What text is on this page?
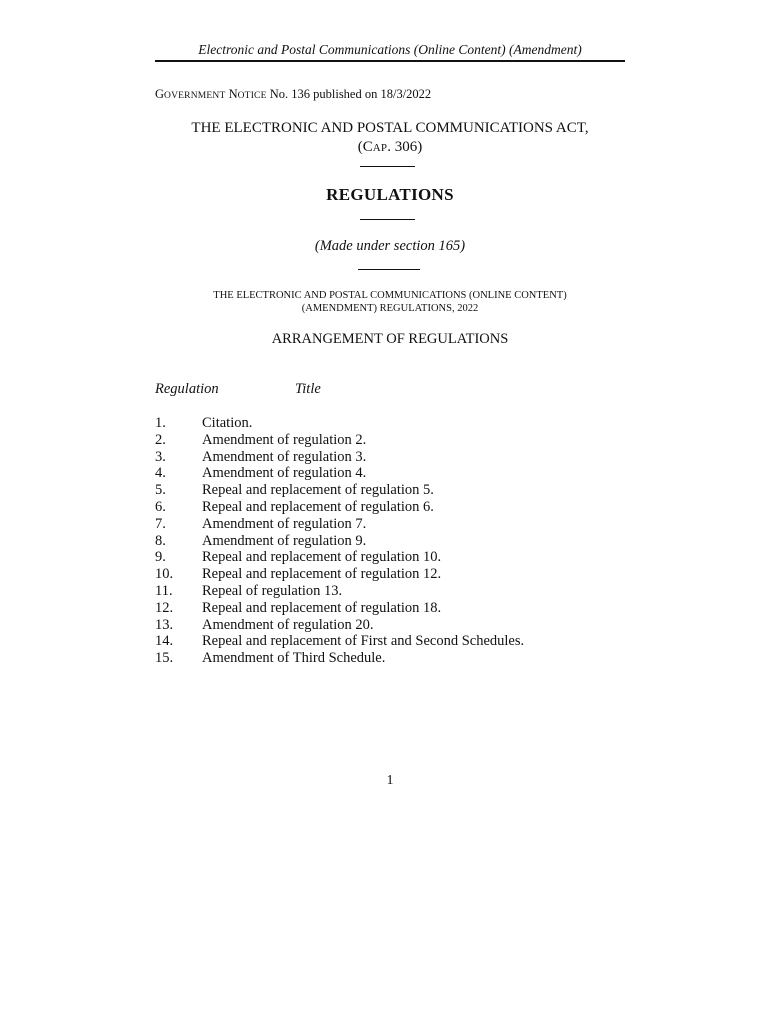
Electronic and Postal Communications (Online Content) (Amendment)
GOVERNMENT NOTICE No. 136 published on 18/3/2022
THE ELECTRONIC AND POSTAL COMMUNICATIONS ACT,
(CAP. 306)
REGULATIONS
(Made under section 165)
THE ELECTRONIC AND POSTAL COMMUNICATIONS (ONLINE CONTENT)
(AMENDMENT) REGULATIONS, 2022
ARRANGEMENT OF REGULATIONS
Regulation	Title
1. Citation.
2. Amendment of regulation 2.
3. Amendment of regulation 3.
4. Amendment of regulation 4.
5. Repeal and replacement of regulation 5.
6. Repeal and replacement of regulation 6.
7. Amendment of regulation 7.
8. Amendment of regulation 9.
9. Repeal and replacement of regulation 10.
10. Repeal and replacement of regulation 12.
11. Repeal of regulation 13.
12. Repeal and replacement of regulation 18.
13. Amendment of regulation 20.
14. Repeal and replacement of First and Second Schedules.
15. Amendment of Third Schedule.
1
